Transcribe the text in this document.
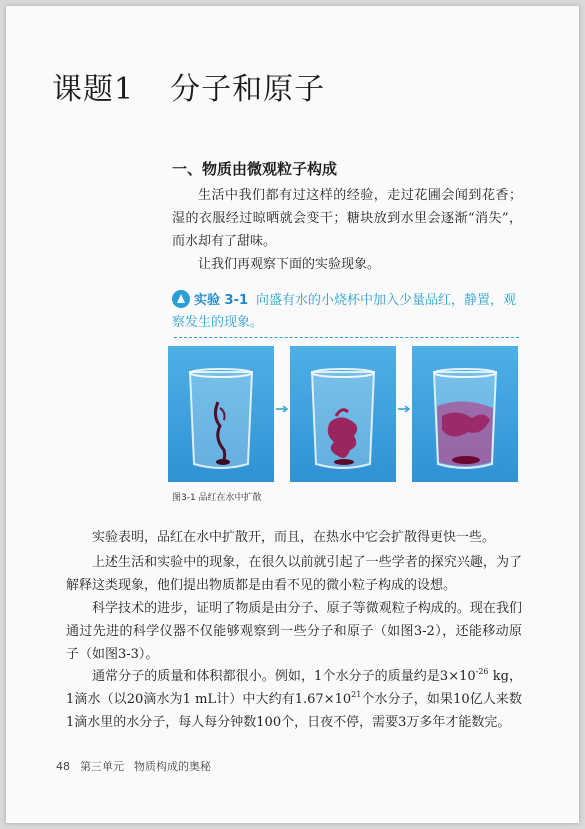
课题1 分子和原子
一、物质由微观粒子构成
生活中我们都有过这样的经验，走过花圃会闻到花香；湿的衣服经过晾晒就会变干；糖块放到水里会逐渐“消失”，而水却有了甜味。
让我们再观察下面的实验现象。
实验 3-1 向盛有水的小烧杯中加入少量品红，静置，观察发生的现象。
图3-1 品红在水中扩散
实验表明，品红在水中扩散开，而且，在热水中它会扩散得更快一些。
上述生活和实验中的现象，在很久以前就引起了一些学者的探究兴趣，为了解释这类现象，他们提出物质都是由看不见的微小粒子构成的设想。
科学技术的进步，证明了物质是由分子、原子等微观粒子构成的。现在我们通过先进的科学仪器不仅能够观察到一些分子和原子（如图3-2），还能移动原子（如图3-3）。
通常分子的质量和体积都很小。例如，1个水分子的质量约是$3\times 10^{-26}$ kg，1滴水（以20滴水为1 mL计）中大约有$1.67\times 10^{21}$个水分子，如果10亿人来数1滴水里的水分子，每人每分钟数100个，日夜不停，需要3万多年才能数完。
48 第三单元 物质构成的奥秘
